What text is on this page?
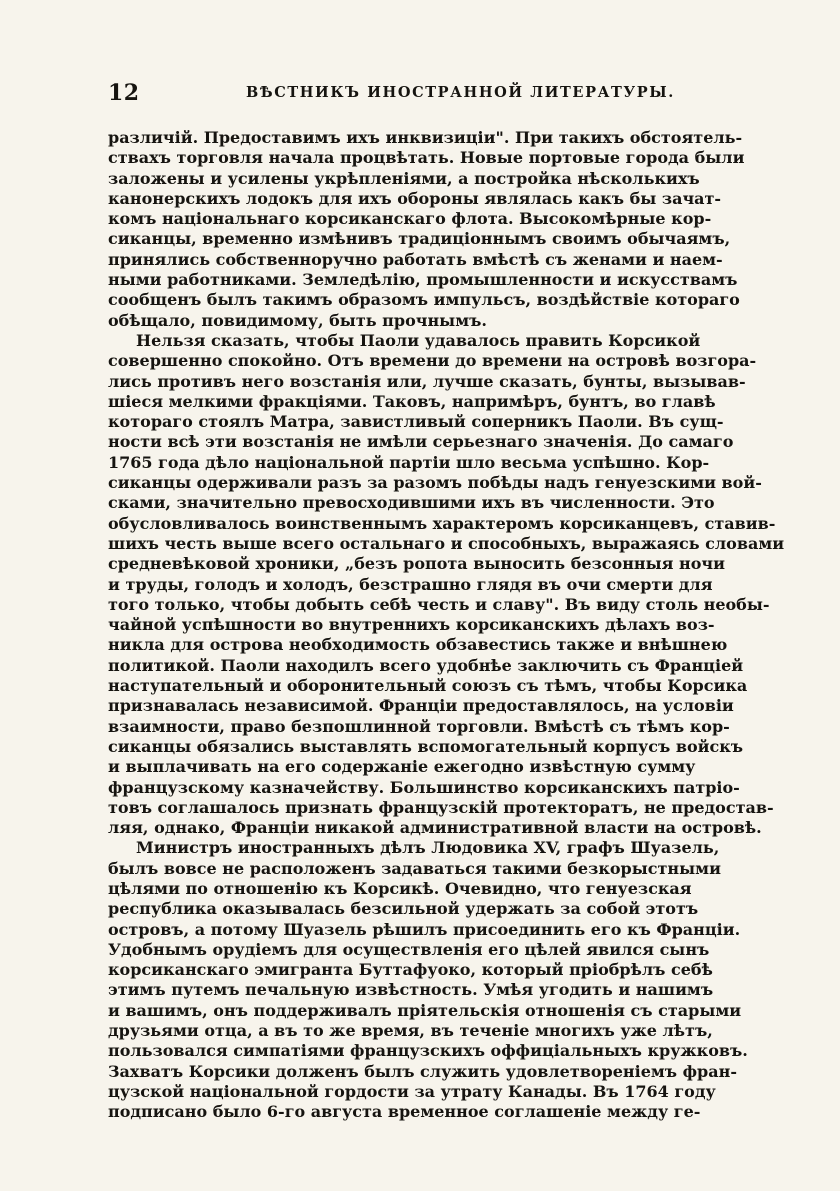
12	ВѢСТНИКЪ ИНОСТРАННОЙ ЛИТЕРАТУРЫ.
различій. Предоставимъ ихъ инквизиціи". При такихъ обстоятель-
ствахъ торговля начала процвѣтать. Новые портовые города были
заложены и усилены укрѣпленіями, а постройка нѣсколькихъ
канонерскихъ лодокъ для ихъ обороны являлась какъ бы зачат-
комъ національнаго корсиканскаго флота. Высокомѣрные кор-
сиканцы, временно измѣнивъ традиціоннымъ своимъ обычаямъ,
принялись собственноручно работать вмѣстѣ съ женами и наем-
ными работниками. Земледѣлію, промышленности и искусствамъ
сообщенъ былъ такимъ образомъ импульсъ, воздѣйствіе котораго
обѣщало, повидимому, быть прочнымъ.
Нельзя сказать, чтобы Паоли удавалось править Корсикой
совершенно спокойно. Отъ времени до времени на островѣ возгора-
лись противъ него возстанія или, лучше сказать, бунты, вызывав-
шіеся мелкими фракціями. Таковъ, напримѣръ, бунтъ, во главѣ
котораго стоялъ Матра, завистливый соперникъ Паоли. Въ сущ-
ности всѣ эти возстанія не имѣли серьезнаго значенія. До самаго
1765 года дѣло національной партіи шло весьма успѣшно. Кор-
сиканцы одерживали разъ за разомъ побѣды надъ генуезскими вой-
сками, значительно превосходившими ихъ въ численности. Это
обусловливалось воинственнымъ характеромъ корсиканцевъ, ставив-
шихъ честь выше всего остальнаго и способныхъ, выражаясь словами
средневѣковой хроники, „безъ ропота выносить безсонныя ночи
и труды, голодъ и холодъ, безстрашно глядя въ очи смерти для
того только, чтобы добыть себѣ честь и славу". Въ виду столь необы-
чайной успѣшности во внутреннихъ корсиканскихъ дѣлахъ воз-
никла для острова необходимость обзавестись также и внѣшнею
политикой. Паоли находилъ всего удобнѣе заключить съ Франціей
наступательный и оборонительный союзъ съ тѣмъ, чтобы Корсика
признавалась независимой. Франціи предоставлялось, на условіи
взаимности, право безпошлинной торговли. Вмѣстѣ съ тѣмъ кор-
сиканцы обязались выставлять вспомогательный корпусъ войскъ
и выплачивать на его содержаніе ежегодно извѣстную сумму
французскому казначейству. Большинство корсиканскихъ патріо-
товъ соглашалось признать французскій протекторатъ, не предостав-
ляя, однако, Франціи никакой административной власти на островѣ.
Министръ иностранныхъ дѣлъ Людовика XV, графъ Шуазель,
былъ вовсе не расположенъ задаваться такими безкорыстными
цѣлями по отношенію къ Корсикѣ. Очевидно, что генуезская
республика оказывалась безсильной удержать за собой этотъ
островъ, а потому Шуазель рѣшилъ присоединить его къ Франціи.
Удобнымъ орудіемъ для осуществленія его цѣлей явился сынъ
корсиканскаго эмигранта Буттафуоко, который пріобрѣлъ себѣ
этимъ путемъ печальную извѣстность. Умѣя угодить и нашимъ
и вашимъ, онъ поддерживалъ пріятельскія отношенія съ старыми
друзьями отца, а въ то же время, въ теченіе многихъ уже лѣтъ,
пользовался симпатіями французскихъ оффиціальныхъ кружковъ.
Захватъ Корсики долженъ былъ служить удовлетвореніемъ фран-
цузской національной гордости за утрату Канады. Въ 1764 году
подписано было 6-го августа временное соглашеніе между ге-
